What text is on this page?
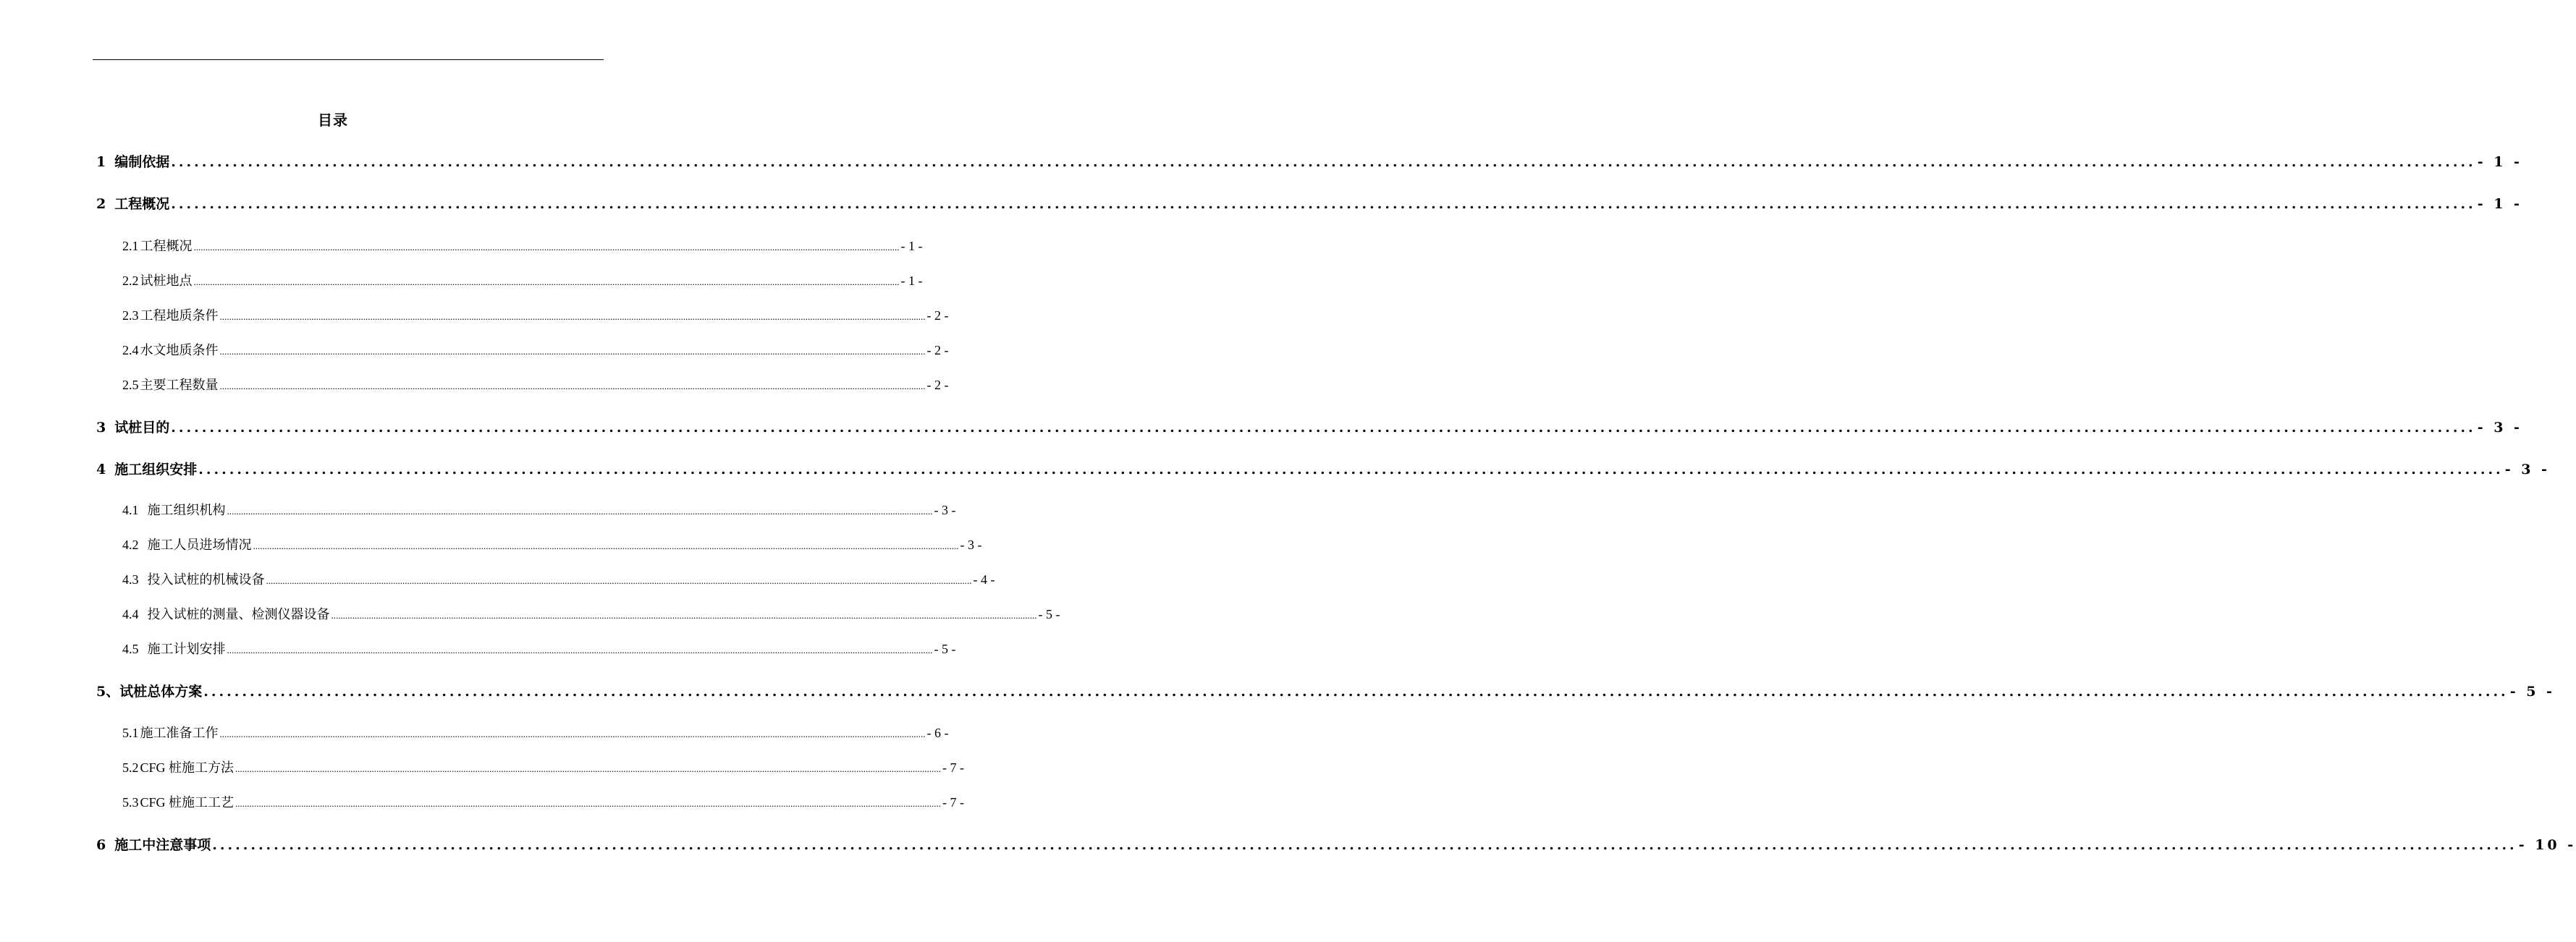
目录
1 编制依据 ............................................................................................................................................................................................................................................................................................................ - 1 -
2 工程概况 ............................................................................................................................................................................................................................................................................................................ - 1 -
2.1 工程概况 ............................................................................................................................................................................................................................................................................................................ - 1 -
2.2 试桩地点 ............................................................................................................................................................................................................................................................................................................ - 1 -
2.3 工程地质条件 ............................................................................................................................................................................................................................................................................................................ - 2 -
2.4 水文地质条件 ............................................................................................................................................................................................................................................................................................................ - 2 -
2.5 主要工程数量 ............................................................................................................................................................................................................................................................................................................ - 2 -
3 试桩目的 ............................................................................................................................................................................................................................................................................................................ - 3 -
4 施工组织安排 ............................................................................................................................................................................................................................................................................................................ - 3 -
4.1 施工组织机构 ............................................................................................................................................................................................................................................................................................................ - 3 -
4.2 施工人员进场情况 ............................................................................................................................................................................................................................................................................................................ - 3 -
4.3 投入试桩的机械设备 ............................................................................................................................................................................................................................................................................................................ - 4 -
4.4 投入试桩的测量、检测仪器设备 ............................................................................................................................................................................................................................................................................................................ - 5 -
4.5 施工计划安排 ............................................................................................................................................................................................................................................................................................................ - 5 -
5、 试桩总体方案 ............................................................................................................................................................................................................................................................................................................ - 5 -
5.1 施工准备工作 ............................................................................................................................................................................................................................................................................................................ - 6 -
5.2 CFG 桩施工方法 ............................................................................................................................................................................................................................................................................................................ - 7 -
5.3 CFG 桩施工工艺 ............................................................................................................................................................................................................................................................................................................ - 7 -
6 施工中注意事项 ............................................................................................................................................................................................................................................................................................................ - 10 -
